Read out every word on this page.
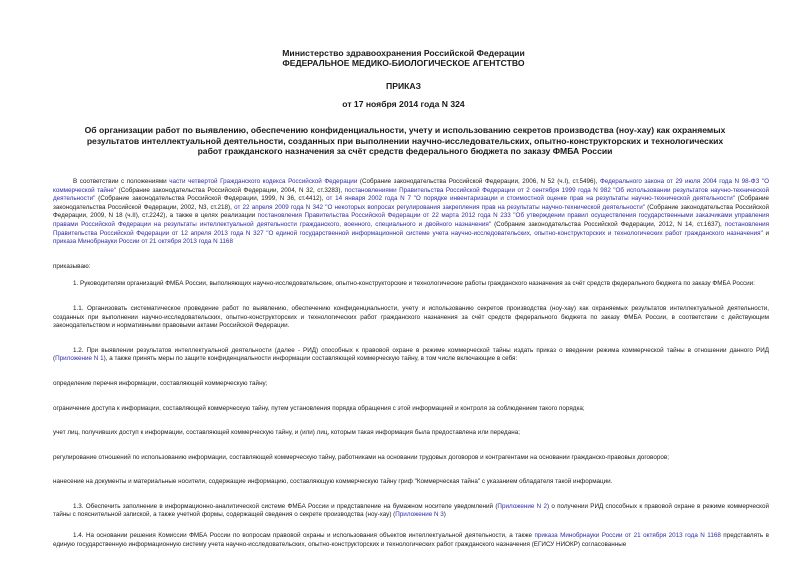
Министерство здравоохранения Российской Федерации
ФЕДЕРАЛЬНОЕ МЕДИКО-БИОЛОГИЧЕСКОЕ АГЕНТСТВО
ПРИКАЗ
от 17 ноября 2014 года N 324
Об организации работ по выявлению, обеспечению конфиденциальности, учету и использованию секретов производства (ноу-хау) как охраняемых результатов интеллектуальной деятельности, созданных при выполнении научно-исследовательских, опытно-конструкторских и технологических работ гражданского назначения за счёт средств федерального бюджета по заказу ФМБА России

В соответствии с положениями части четвертой Гражданского кодекса Российской Федерации (Собрание законодательства Российской Федерации, 2006, N 52 (ч.I), ст.5496), Федерального закона от 29 июля 2004 года N 98-ФЗ "О коммерческой тайне" (Собрание законодательства Российской Федерации, 2004, N 32, ст.3283), постановлениями Правительства Российской Федерации от 2 сентября 1999 года N 982 "Об использовании результатов научно-технической деятельности" (Собрание законодательства Российской Федерации, 1999, N 36, ст.4412), от 14 января 2002 года N 7 "О порядке инвентаризации и стоимостной оценке прав на результаты научно-технической деятельности" (Собрание законодательства Российской Федерации, 2002, N3, ст.218), от 22 апреля 2009 года N 342 "О некоторых вопросах регулирования закрепления прав на результаты научно-технической деятельности" (Собрание законодательства Российской Федерации, 2009, N 18 (ч.II), ст.2242), а также в целях реализации постановления Правительства Российской Федерации от 22 марта 2012 года N 233 "Об утверждении правил осуществления государственными заказчиками управления правами Российской Федерации на результаты интеллектуальной деятельности гражданского, военного, специального и двойного назначения" (Собрание законодательства Российской Федерации, 2012, N 14, ст.1637), постановления Правительства Российской Федерации от 12 апреля 2013 года N 327 "О единой государственной информационной системе учета научно-исследовательских, опытно-конструкторских и технологических работ гражданского назначения" и приказа Минобрнауки России от 21 октября 2013 года N 1168

приказываю:

1. Руководителям организаций ФМБА России, выполняющих научно-исследовательские, опытно-конструкторские и технологические работы гражданского назначения за счёт средств федерального бюджета по заказу ФМБА России:

1.1. Организовать систематическое проведение работ по выявлению, обеспечению конфиденциальности, учету и использованию секретов производства (ноу-хау) как охраняемых результатов интеллектуальной деятельности, созданных при выполнении научно-исследовательских, опытно-конструкторских и технологических работ гражданского назначения за счёт средств федерального бюджета по заказу ФМБА России, в соответствии с действующим законодательством и нормативными правовыми актами Российской Федерации.

1.2. При выявлении результатов интеллектуальной деятельности (далее - РИД) способных к правовой охране в режиме коммерческой тайны издать приказ о введении режима коммерческой тайны в отношении данного РИД (Приложение N 1), а также принять меры по защите конфиденциальности информации составляющей коммерческую тайну, в том числе включающие в себя:

определение перечня информации, составляющей коммерческую тайну;

ограничение доступа к информации, составляющей коммерческую тайну, путем установления порядка обращения с этой информацией и контроля за соблюдением такого порядка;

учет лиц, получивших доступ к информации, составляющей коммерческую тайну, и (или) лиц, которым такая информация была предоставлена или передана;

регулирование отношений по использованию информации, составляющей коммерческую тайну, работниками на основании трудовых договоров и контрагентами на основании гражданско-правовых договоров;

нанесение на документы и материальные носители, содержащие информацию, составляющую коммерческую тайну гриф "Коммерческая тайна" с указанием обладателя такой информации.

1.3. Обеспечить заполнение в информационно-аналитической системе ФМБА России и представление на бумажном носителе уведомлений (Приложение N 2) о получении РИД способных к правовой охране в режиме коммерческой тайны с пояснительной запиской, а также учетной формы, содержащей сведения о секрете производства (ноу-хау) (Приложение N 3)

1.4. На основании решения Комиссии ФМБА России по вопросам правовой охраны и использования объектов интеллектуальной деятельности, а также приказа Минобрнауки России от 21 октября 2013 года N 1168 представлять в единую государственную информационную систему учета научно-исследовательских, опытно-конструкторских и технологических работ гражданского назначения (ЕГИСУ НИОКР) согласованные
